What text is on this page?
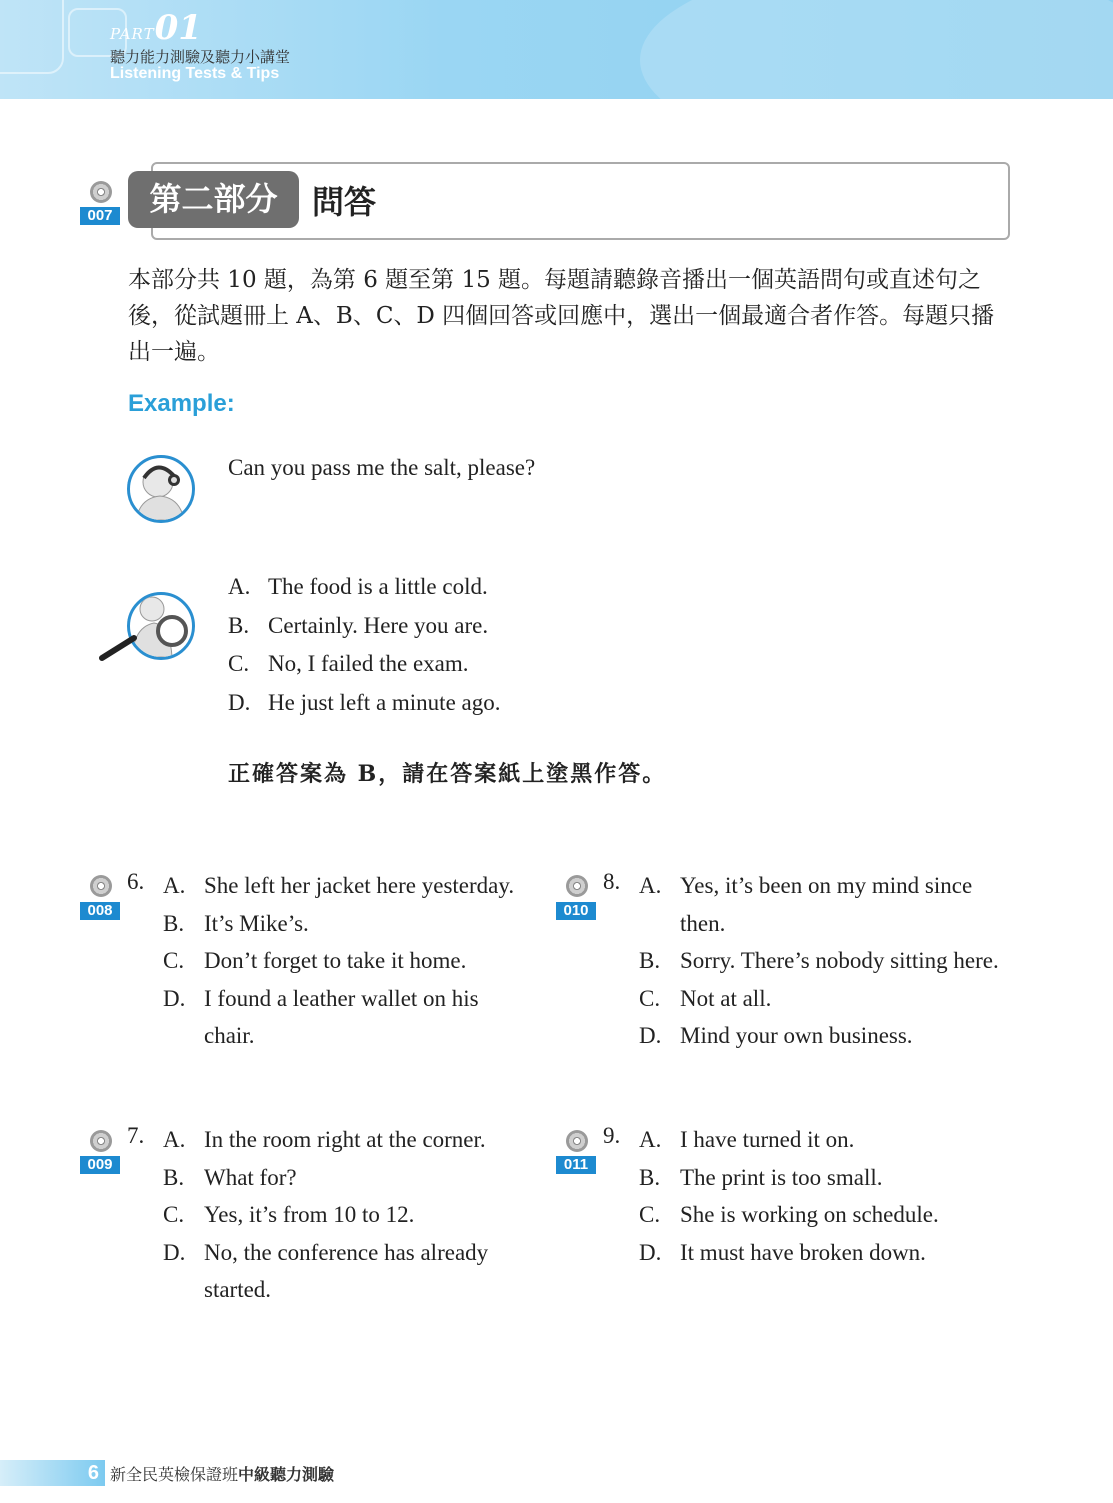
PART01
聽力能力測驗及聽力小講堂
Listening Tests & Tips
007	第二部分	問答
本部分共 10 題，為第 6 題至第 15 題。每題請聽錄音播出一個英語問句或直述句之後，從試題冊上 A、B、C、D 四個回答或回應中，選出一個最適合者作答。每題只播出一遍。
Example:
Can you pass me the salt, please?
A. The food is a little cold.
B. Certainly. Here you are.
C. No, I failed the exam.
D. He just left a minute ago.
正確答案為 B，請在答案紙上塗黑作答。
008
6. A. She left her jacket here yesterday.
B. It’s Mike’s.
C. Don’t forget to take it home.
D. I found a leather wallet on his chair.
009
7. A. In the room right at the corner.
B. What for?
C. Yes, it’s from 10 to 12.
D. No, the conference has already started.
010
8. A. Yes, it’s been on my mind since then.
B. Sorry. There’s nobody sitting here.
C. Not at all.
D. Mind your own business.
011
9. A. I have turned it on.
B. The print is too small.
C. She is working on schedule.
D. It must have broken down.
6 新全民英檢保證班中級聽力測驗
